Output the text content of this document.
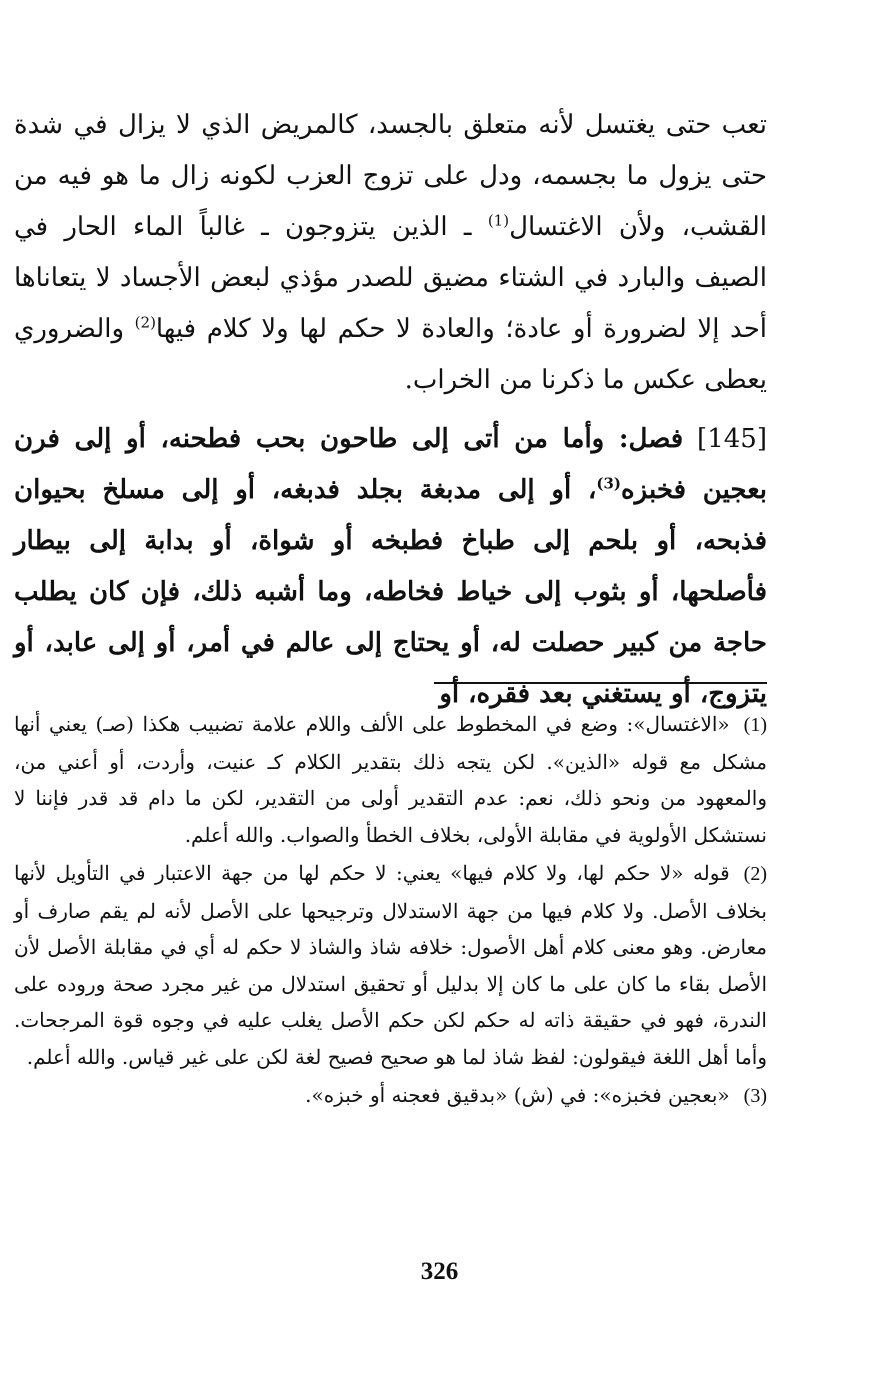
تعب حتى يغتسل لأنه متعلق بالجسد، كالمريض الذي لا يزال في شدة حتى يزول ما بجسمه، ودل على تزوج العزب لكونه زال ما هو فيه من القشب، ولأن الاغتسال$^{(1)}$ ـ الذين يتزوجون ـ غالباً الماء الحار في الصيف والبارد في الشتاء مضيق للصدر مؤذي لبعض الأجساد لا يتعاناها أحد إلا لضرورة أو عادة؛ والعادة لا حكم لها ولا كلام فيها$^{(2)}$ والضروري يعطى عكس ما ذكرنا من الخراب.

[145] فصل: وأما من أتى إلى طاحون بحب فطحنه، أو إلى فرن بعجين فخبزه$^{(3)}$، أو إلى مدبغة بجلد فدبغه، أو إلى مسلخ بحيوان فذبحه، أو بلحم إلى طباخ فطبخه أو شواة، أو بدابة إلى بيطار فأصلحها، أو بثوب إلى خياط فخاطه، وما أشبه ذلك، فإن كان يطلب حاجة من كبير حصلت له، أو يحتاج إلى عالم في أمر، أو إلى عابد، أو يتزوج، أو يستغني بعد فقره، أو

(1)«الاغتسال»: وضع في المخطوط على الألف واللام علامة تضبيب هكذا (صـ) يعني أنها مشكل مع قوله «الذين». لكن يتجه ذلك بتقدير الكلام كـ عنيت، وأردت، أو أعني من، والمعهود من ونحو ذلك، نعم: عدم التقدير أولى من التقدير، لكن ما دام قد قدر فإننا لا نستشكل الأولوية في مقابلة الأولى، بخلاف الخطأ والصواب. والله أعلم.

(2)قوله «لا حكم لها، ولا كلام فيها» يعني: لا حكم لها من جهة الاعتبار في التأويل لأنها بخلاف الأصل. ولا كلام فيها من جهة الاستدلال وترجيحها على الأصل لأنه لم يقم صارف أو معارض. وهو معنى كلام أهل الأصول: خلافه شاذ والشاذ لا حكم له أي في مقابلة الأصل لأن الأصل بقاء ما كان على ما كان إلا بدليل أو تحقيق استدلال من غير مجرد صحة وروده على الندرة، فهو في حقيقة ذاته له حكم لكن حكم الأصل يغلب عليه في وجوه قوة المرجحات. وأما أهل اللغة فيقولون: لفظ شاذ لما هو صحيح فصيح لغة لكن على غير قياس. والله أعلم.

(3)«بعجين فخبزه»: في (ش) «بدقيق فعجنه أو خبزه».

326
